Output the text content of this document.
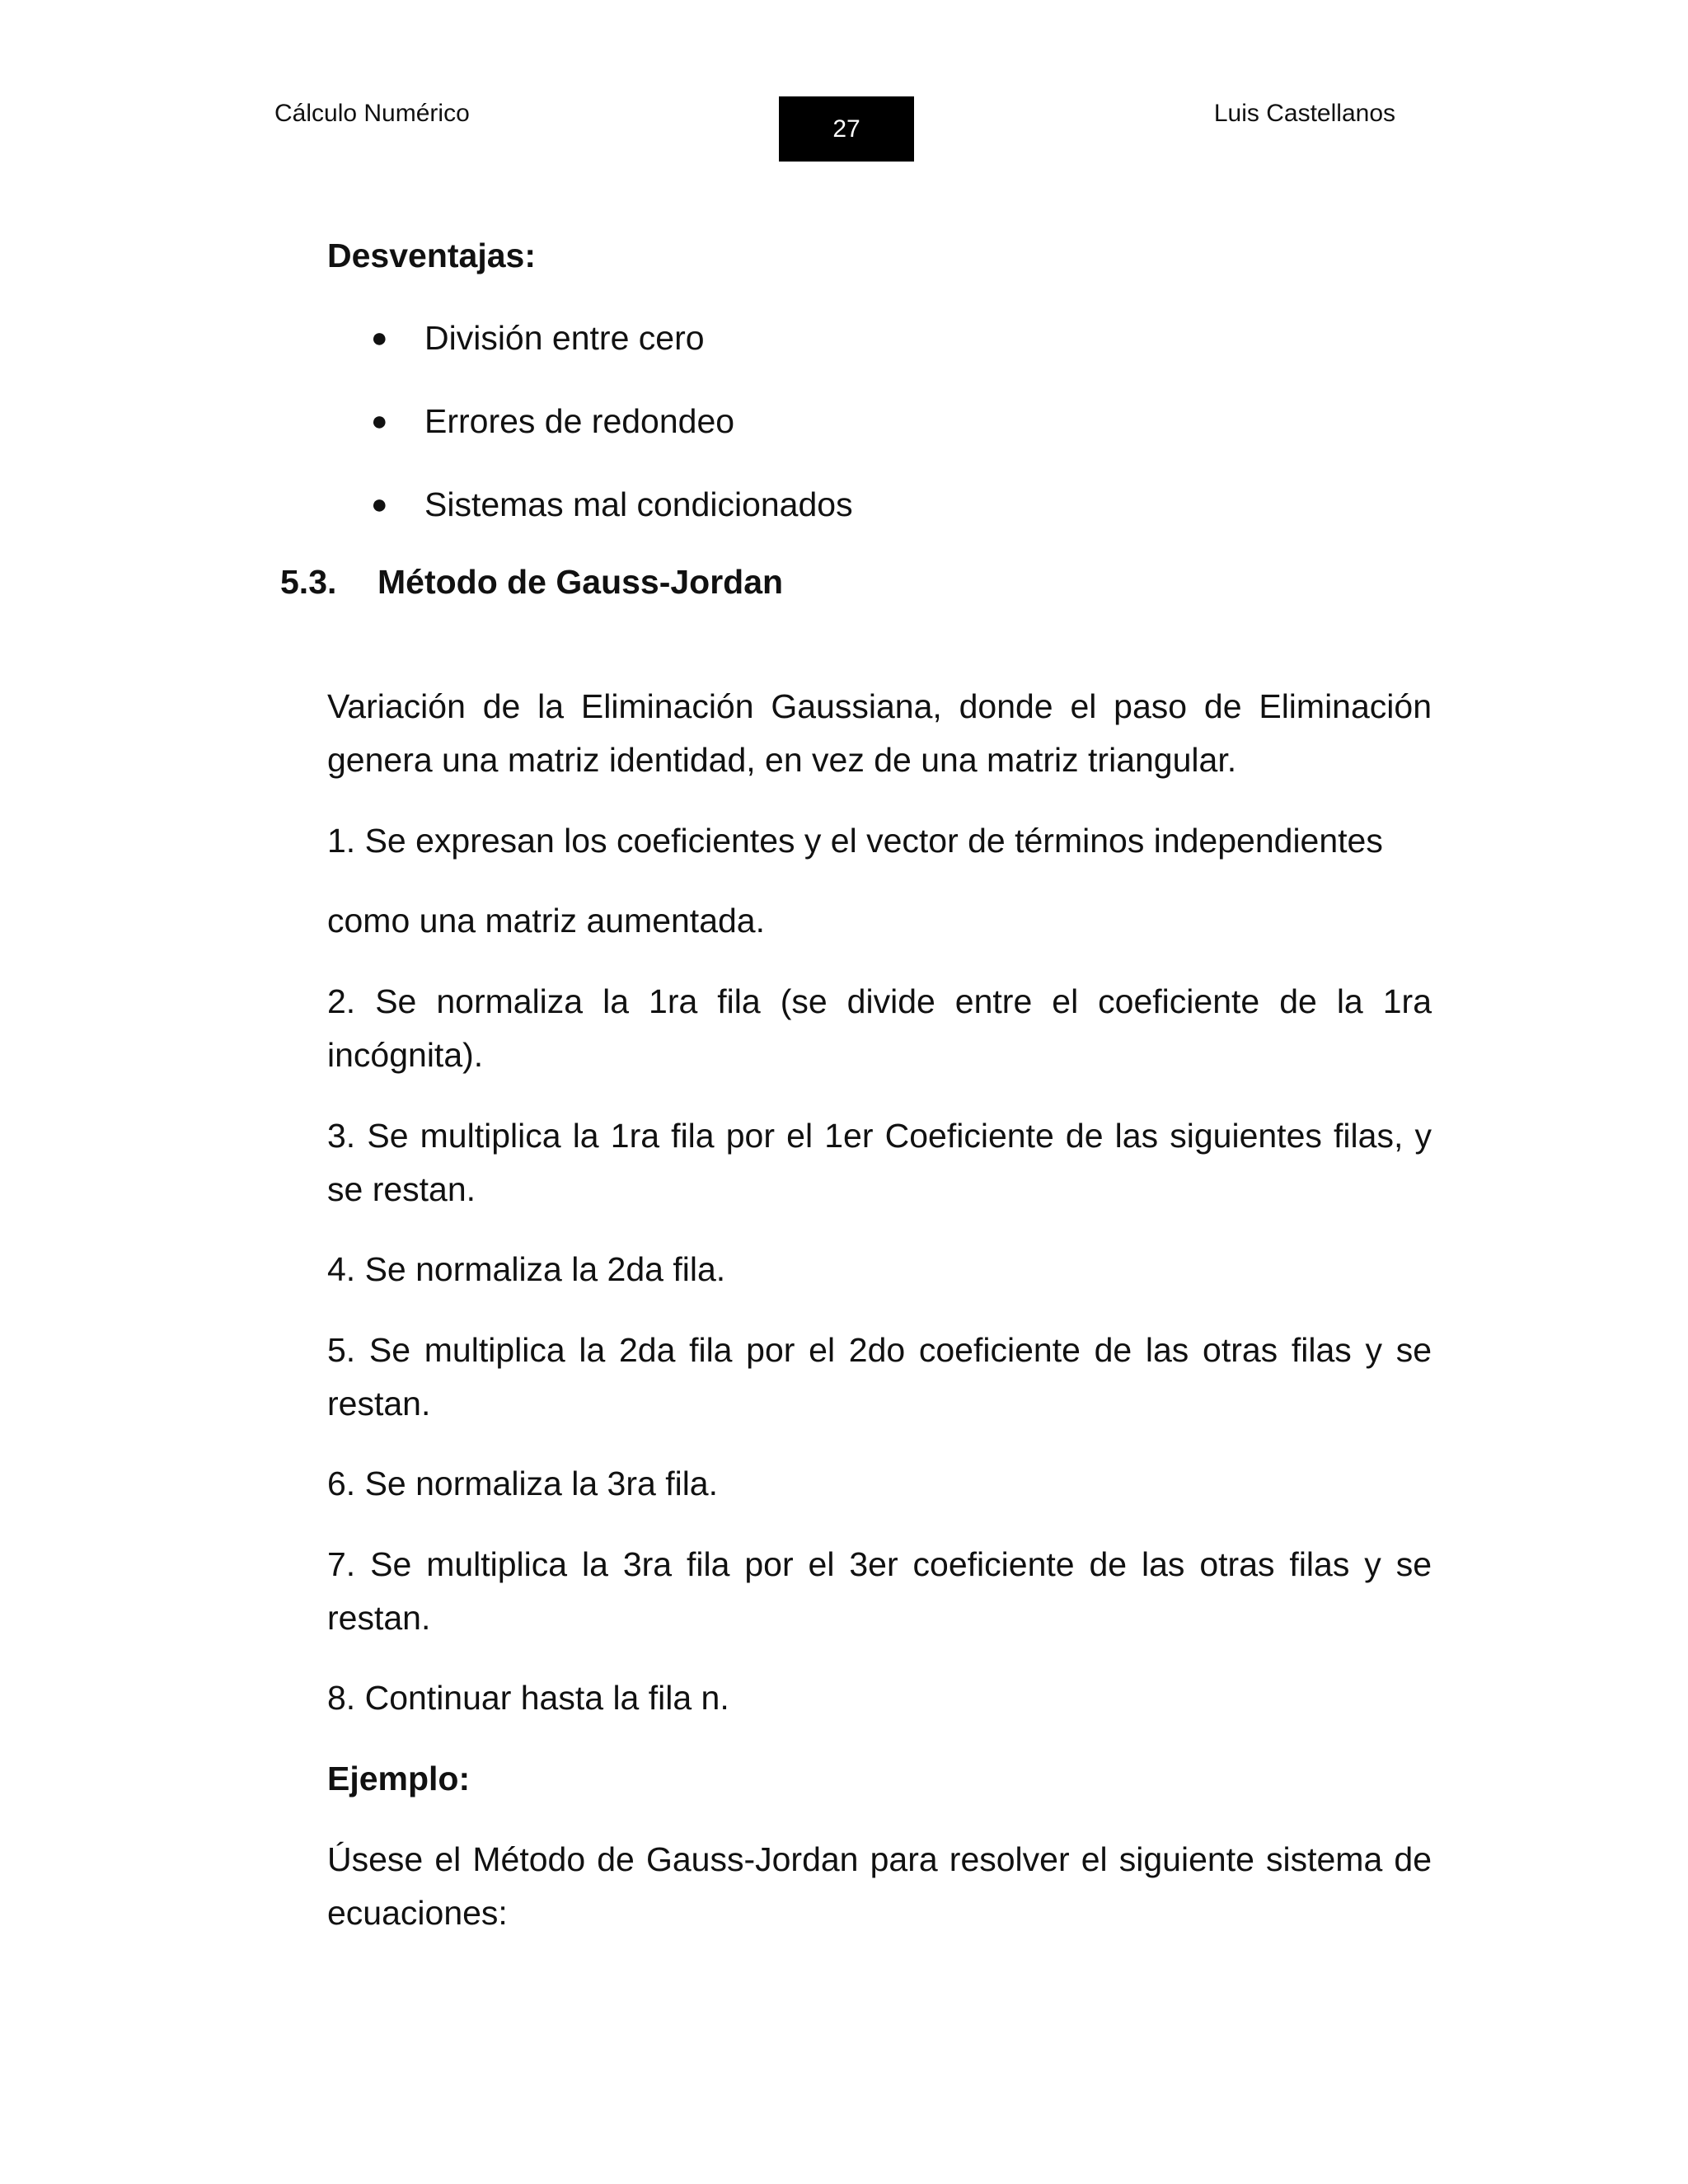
Cálculo Numérico
27
Luis Castellanos
Desventajas:
●	División entre cero
●	Errores de redondeo
●	Sistemas mal condicionados
5.3. Método de Gauss-Jordan

Variación de la Eliminación Gaussiana, donde el paso de Eliminación genera una matriz identidad, en vez de una matriz triangular.

1. Se expresan los coeficientes y el vector de términos independientes

como una matriz aumentada.

2. Se normaliza la 1ra fila (se divide entre el coeficiente de la 1ra incógnita).

3. Se multiplica la 1ra fila por el 1er Coeficiente de las siguientes filas, y se restan.

4. Se normaliza la 2da fila.

5. Se multiplica la 2da fila por el 2do coeficiente de las otras filas y se restan.

6. Se normaliza la 3ra fila.

7. Se multiplica la 3ra fila por el 3er coeficiente de las otras filas y se restan.

8. Continuar hasta la fila n.

Ejemplo:

Úsese el Método de Gauss-Jordan para resolver el siguiente sistema de ecuaciones:
